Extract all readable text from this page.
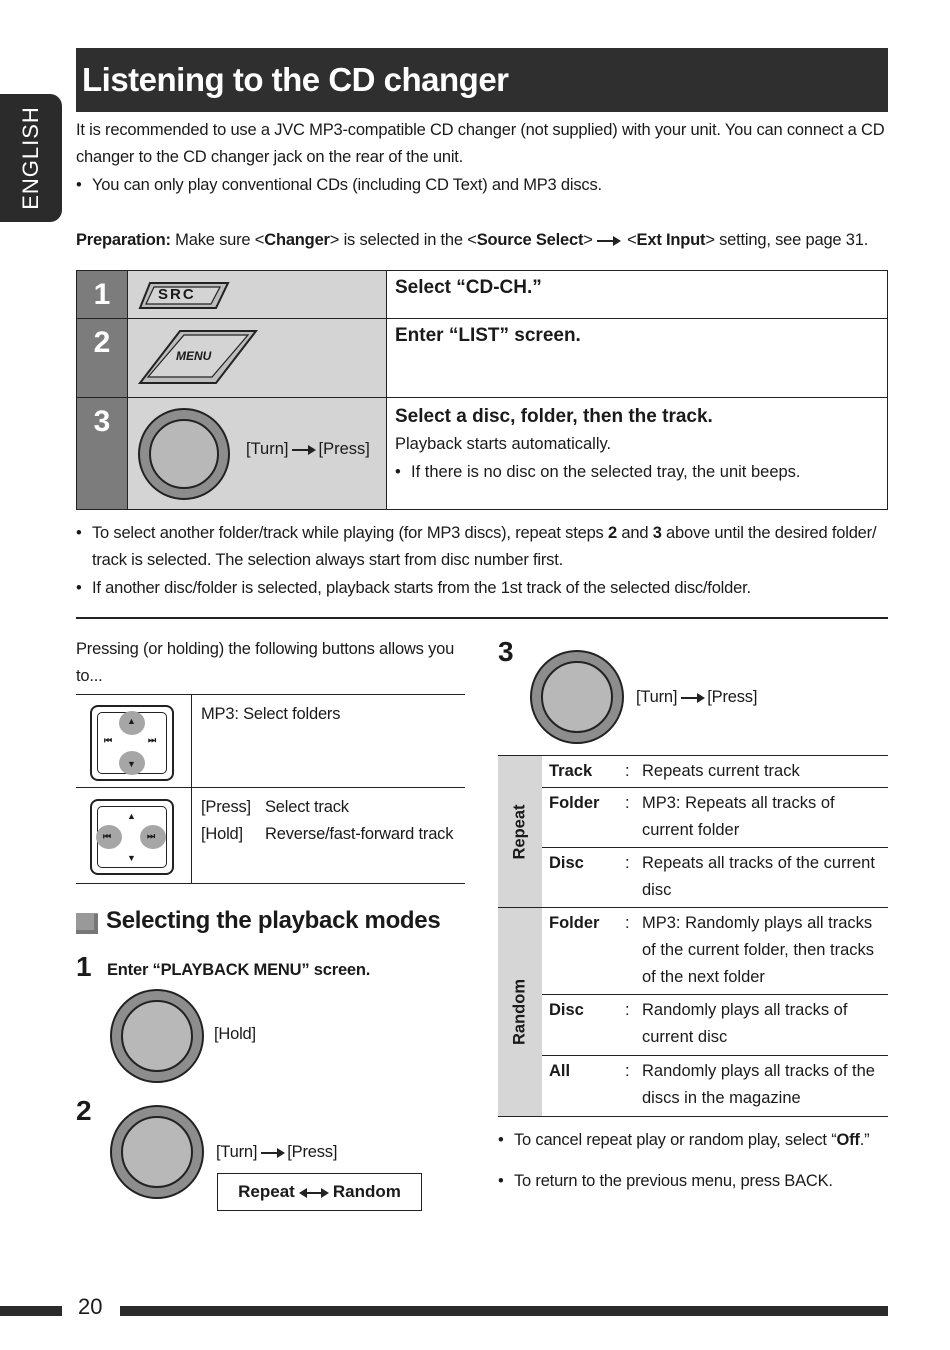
ENGLISH
Listening to the CD changer
It is recommended to use a JVC MP3-compatible CD changer (not supplied) with your unit. You can connect a CD
changer to the CD changer jack on the rear of the unit.
• You can only play conventional CDs (including CD Text) and MP3 discs.
Preparation: Make sure <Changer> is selected in the <Source Select> <Ext Input> setting, see page 31.
1	SRC	Select “CD-CH.”
2	MENU	Enter “LIST” screen.
3	[Turn] [Press]	Select a disc, folder, then the track.
Playback starts automatically.
• If there is no disc on the selected tray, the unit beeps.
• To select another folder/track while playing (for MP3 discs), repeat steps 2 and 3 above until the desired folder/
track is selected. The selection always start from disc number first.
• If another disc/folder is selected, playback starts from the 1st track of the selected disc/folder.
Pressing (or holding) the following buttons allows you
to...
▲
▼
⏮	⏭
MP3: Select folders
▲
▼
⏮	⏭
[Press] Select track
[Hold] Reverse/fast-forward track
Selecting the playback modes
1 Enter “PLAYBACK MENU” screen.
[Hold]
2
[Turn] [Press]
Repeat Random
3
[Turn] [Press]
Repeat
Random
Track : Repeats current track
Folder : MP3: Repeats all tracks of current folder
Disc : Repeats all tracks of the current disc
Folder : MP3: Randomly plays all tracks of the current folder, then tracks of the next folder
Disc : Randomly plays all tracks of current disc
All	: Randomly plays all tracks of the discs in the magazine
• To cancel repeat play or random play, select “Off.”
• To return to the previous menu, press BACK.
20
